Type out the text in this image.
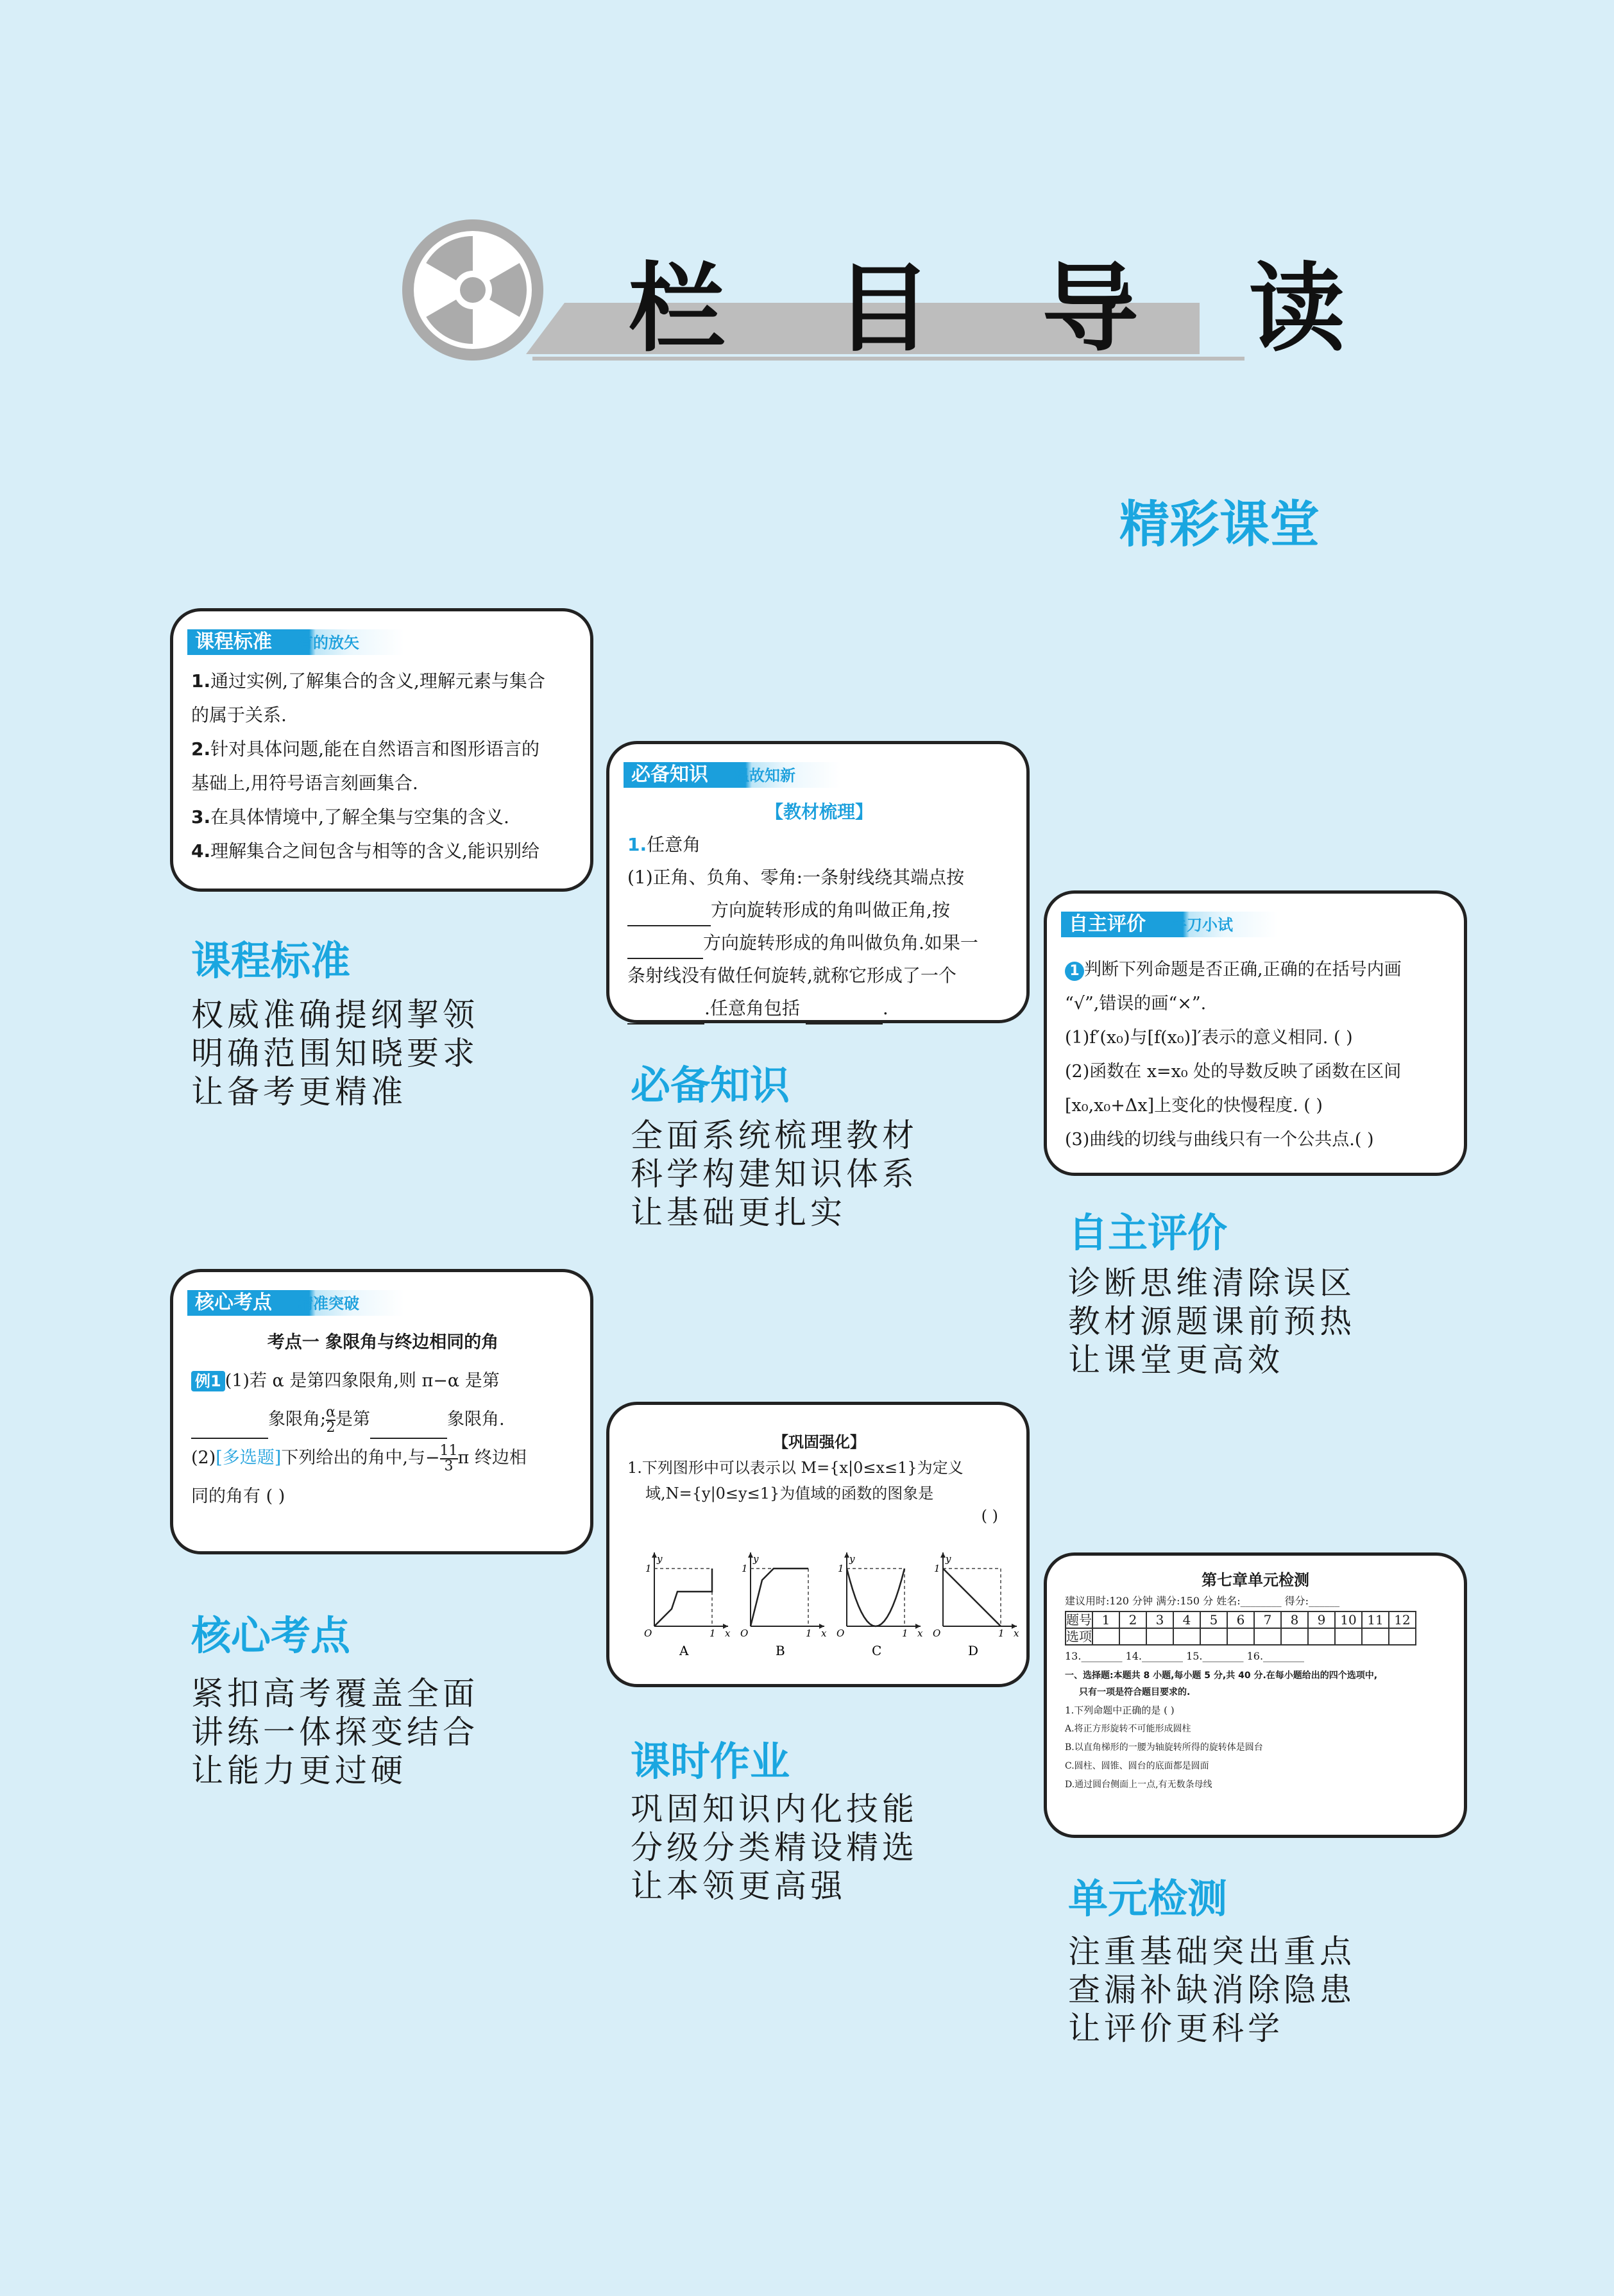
栏 目 导 读
精彩课堂
课程标准 有的放矢

1.通过实例,了解集合的含义,理解元素与集合

的属于关系.

2.针对具体问题,能在自然语言和图形语言的

基础上,用符号语言刻画集合.

3.在具体情境中,了解全集与空集的含义.

4.理解集合之间包含与相等的含义,能识别给

课程标准
权威准确提纲挈领
明确范围知晓要求
让备考更精准
必备知识 温故知新

【教材梳理】

1.任意角

(1)正角、负角、零角:一条射线绕其端点按

方向旋转形成的角叫做正角,按

方向旋转形成的角叫做负角.如果一

条射线没有做任何旋转,就称它形成了一个

.任意角包括	.

必备知识
全面系统梳理教材
科学构建知识体系
让基础更扎实
自主评价 牛刀小试

1 判断下列命题是否正确,正确的在括号内画

“√”,错误的画“×”.

(1)f′(x₀)与[f(x₀)]′表示的意义相同. ( )

(2)函数在 x=x₀ 处的导数反映了函数在区间

[x₀,x₀+Δx]上变化的快慢程度. ( )

(3)曲线的切线与曲线只有一个公共点.( )

自主评价
诊断思维清除误区
教材源题课前预热
让课堂更高效
核心考点 精准突破

考点一 象限角与终边相同的角

例1 (1)若 α 是第四象限角,则 π−α 是第

象限角; $\frac{\alpha}{2}$ 是第	象限角.

(2)[多选题]下列给出的角中,与− $\frac{11}{3}$ π 终边相

同的角有 ( )

核心考点
紧扣高考覆盖全面
讲练一体探变结合
让能力更过硬

【巩固强化】

1.下列图形中可以表示以 M={x|0≤x≤1}为定义

域,N={y|0≤y≤1}为值域的函数的图象是

( )

y
x
1
1
O
A
y
x
1
1
O
B
y
x
1
1
O
C
y
x
1
1
O
D
课时作业
巩固知识内化技能
分级分类精设精选
让本领更高强

第七章单元检测

建议用时:120 分钟 满分:150 分 姓名:________ 得分:______

题号	1	2	3	4	5	6	7	8	9	10	11	12
选项												

13.________ 14.________ 15.________ 16.________

一、选择题:本题共 8 小题,每小题 5 分,共 40 分.在每小题给出的四个选项中,

只有一项是符合题目要求的.

1.下列命题中正确的是 ( )

A.将正方形旋转不可能形成圆柱

B.以直角梯形的一腰为轴旋转所得的旋转体是圆台

C.圆柱、圆锥、圆台的底面都是圆面

D.通过圆台侧面上一点,有无数条母线

单元检测
注重基础突出重点
查漏补缺消除隐患
让评价更科学
